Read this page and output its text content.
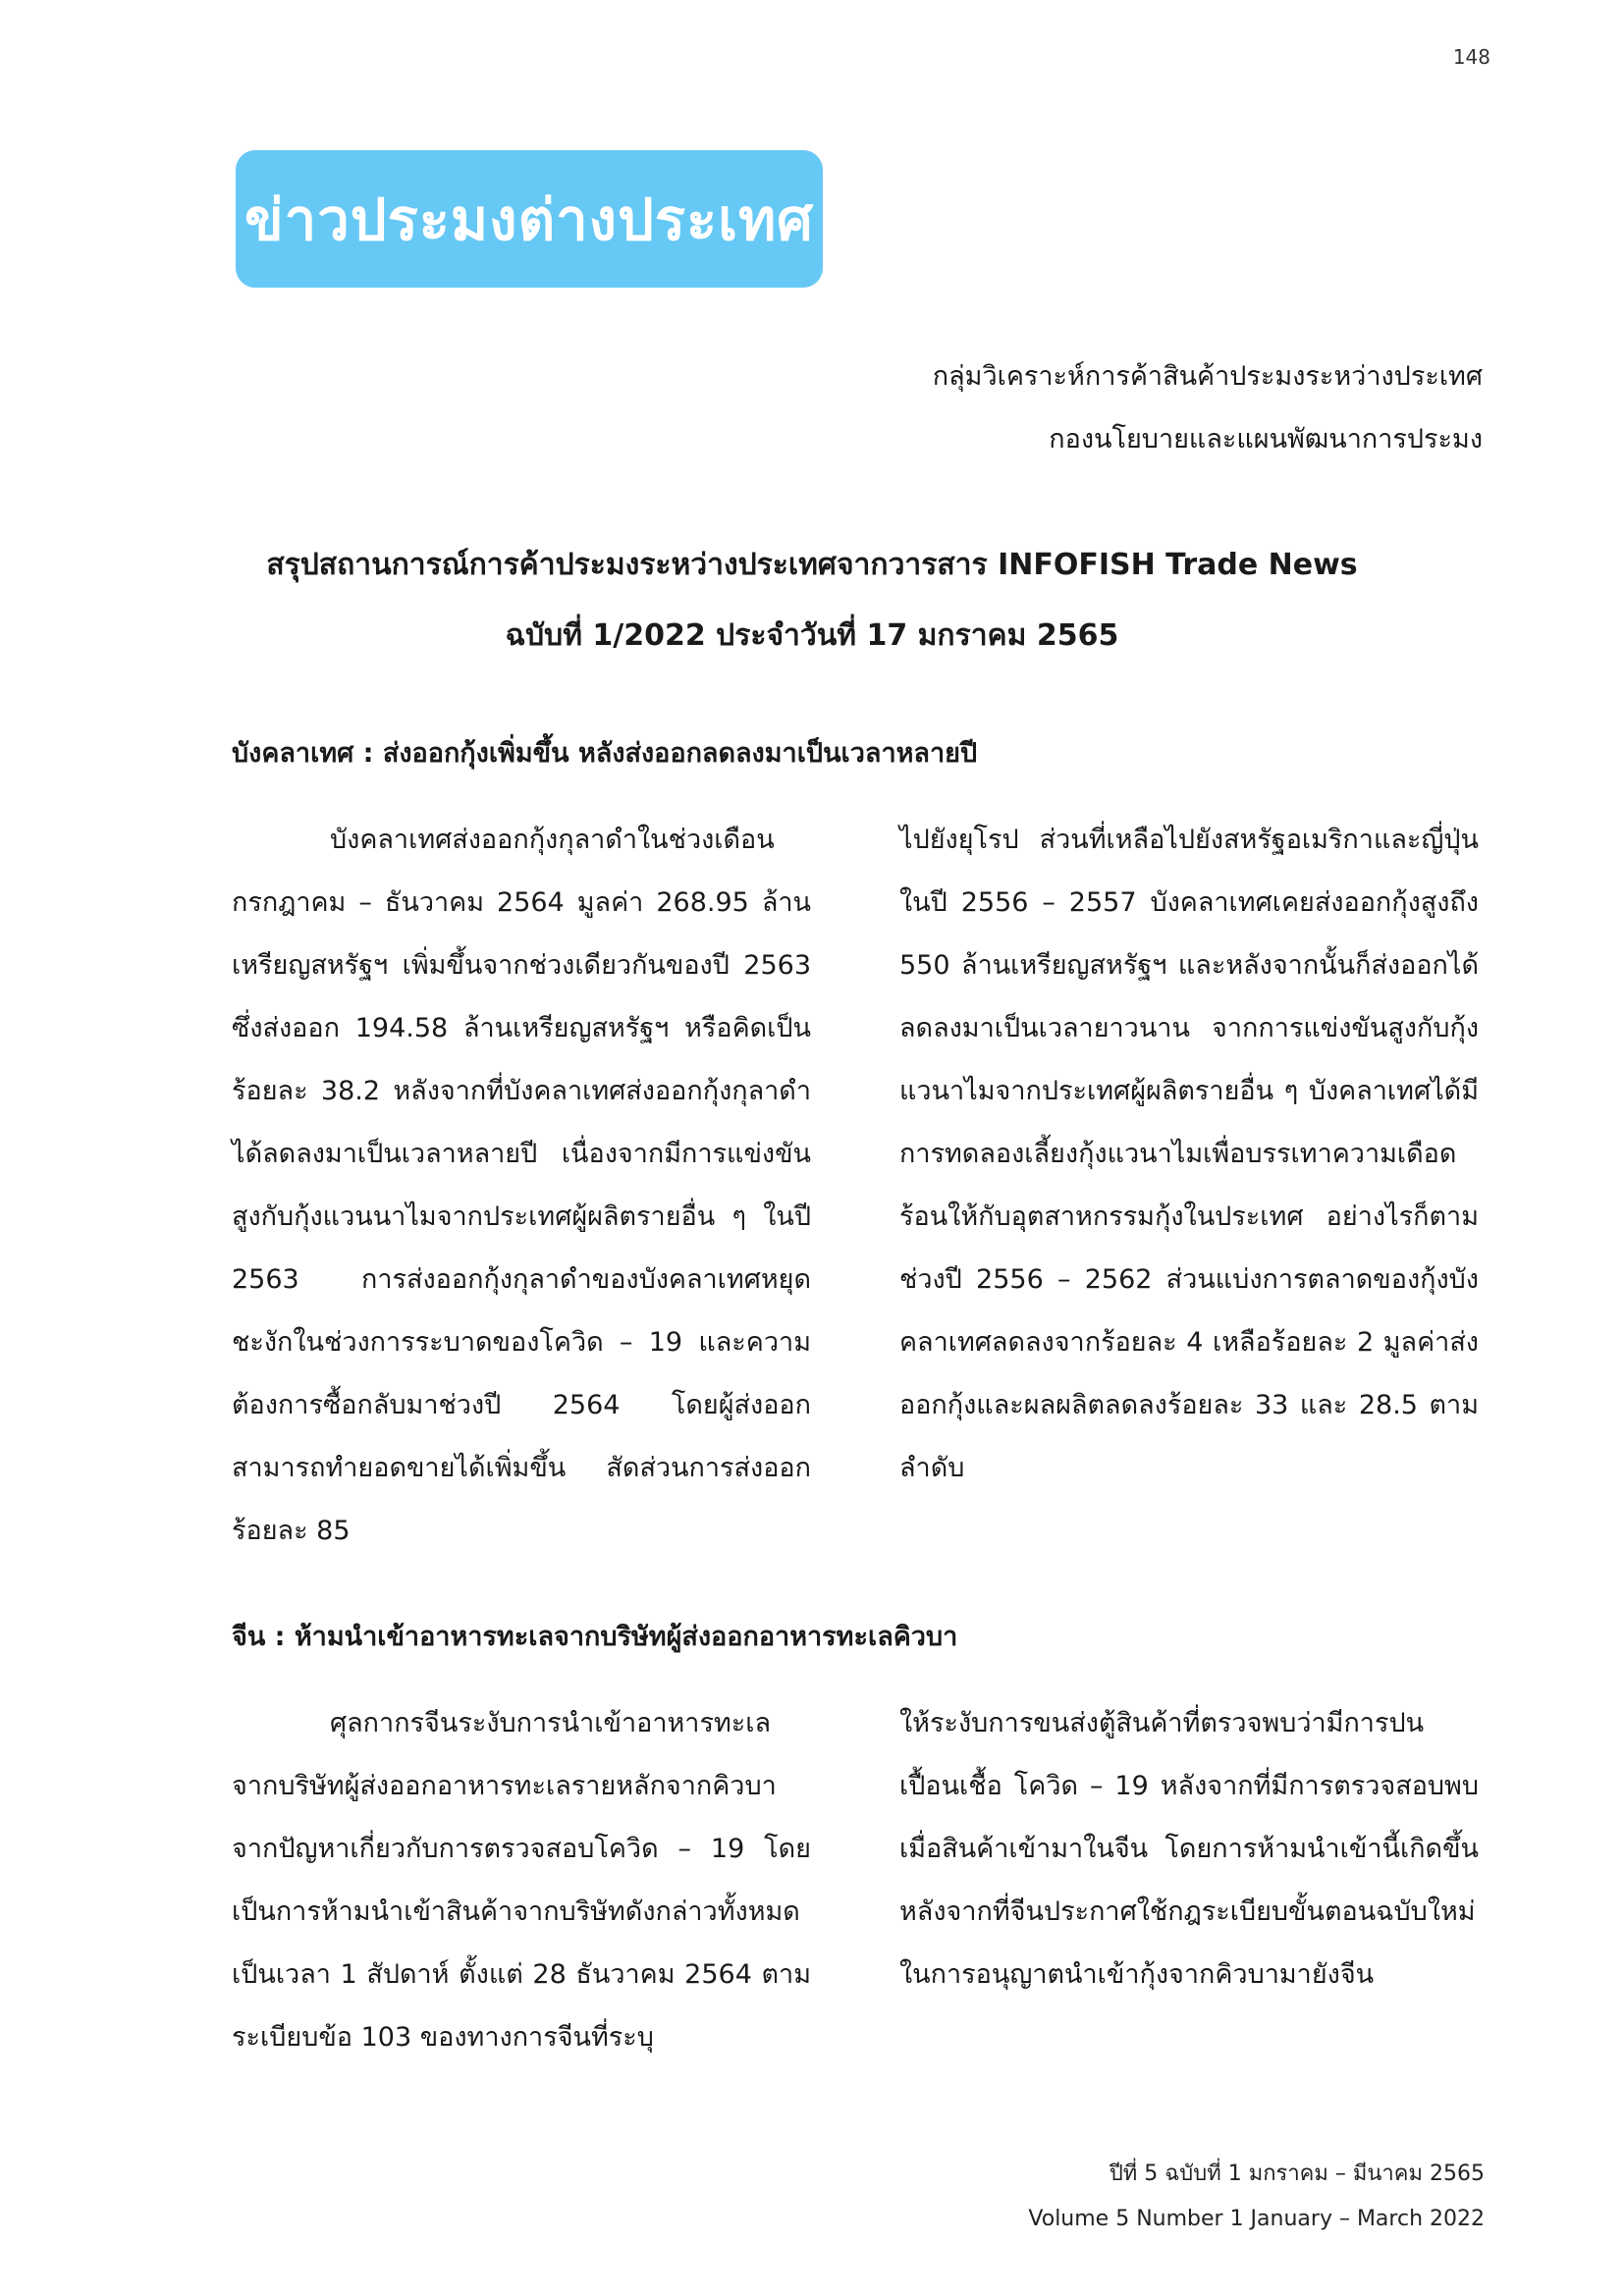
148
ข่าวประมงต่างประเทศ
กลุ่มวิเคราะห์การค้าสินค้าประมงระหว่างประเทศ
กองนโยบายและแผนพัฒนาการประมง
สรุปสถานการณ์การค้าประมงระหว่างประเทศจากวารสาร INFOFISH Trade News
ฉบับที่ 1/2022 ประจำวันที่ 17 มกราคม 2565
บังคลาเทศ : ส่งออกกุ้งเพิ่มขึ้น หลังส่งออกลดลงมาเป็นเวลาหลายปี

บังคลาเทศส่งออกกุ้งกุลาดำในช่วงเดือน กรกฎาคม – ธันวาคม 2564 มูลค่า 268.95 ล้านเหรียญสหรัฐฯ เพิ่มขึ้นจากช่วงเดียวกันของปี 2563 ซึ่งส่งออก 194.58 ล้านเหรียญสหรัฐฯ หรือคิดเป็นร้อยละ 38.2 หลังจากที่บังคลาเทศส่งออกกุ้งกุลาดำได้ลดลงมาเป็นเวลาหลายปี เนื่องจากมีการแข่งขันสูงกับกุ้งแวนนาไมจากประเทศผู้ผลิตรายอื่น ๆ ในปี 2563 การส่งออกกุ้งกุลาดำของบังคลาเทศหยุดชะงักในช่วงการระบาดของโควิด – 19 และความต้องการซื้อกลับมาช่วงปี 2564 โดยผู้ส่งออกสามารถทำยอดขายได้เพิ่มขึ้น สัดส่วนการส่งออกร้อยละ 85

ไปยังยุโรป ส่วนที่เหลือไปยังสหรัฐอเมริกาและญี่ปุ่น ในปี 2556 – 2557 บังคลาเทศเคยส่งออกกุ้งสูงถึง 550 ล้านเหรียญสหรัฐฯ และหลังจากนั้นก็ส่งออกได้ลดลงมาเป็นเวลายาวนาน จากการแข่งขันสูงกับกุ้งแวนาไมจากประเทศผู้ผลิตรายอื่น ๆ บังคลาเทศได้มีการทดลองเลี้ยงกุ้งแวนาไมเพื่อบรรเทาความเดือดร้อนให้กับอุตสาหกรรมกุ้งในประเทศ อย่างไรก็ตามช่วงปี 2556 – 2562 ส่วนแบ่งการตลาดของกุ้งบังคลาเทศลดลงจากร้อยละ 4 เหลือร้อยละ 2 มูลค่าส่งออกกุ้งและผลผลิตลดลงร้อยละ 33 และ 28.5 ตามลำดับ

จีน : ห้ามนำเข้าอาหารทะเลจากบริษัทผู้ส่งออกอาหารทะเลคิวบา

ศุลกากรจีนระงับการนำเข้าอาหารทะเลจากบริษัทผู้ส่งออกอาหารทะเลรายหลักจากคิวบาจากปัญหาเกี่ยวกับการตรวจสอบโควิด – 19 โดยเป็นการห้ามนำเข้าสินค้าจากบริษัทดังกล่าวทั้งหมดเป็นเวลา 1 สัปดาห์ ตั้งแต่ 28 ธันวาคม 2564 ตามระเบียบข้อ 103 ของทางการจีนที่ระบุ

ให้ระงับการขนส่งตู้สินค้าที่ตรวจพบว่ามีการปนเปื้อนเชื้อ โควิด – 19 หลังจากที่มีการตรวจสอบพบเมื่อสินค้าเข้ามาในจีน โดยการห้ามนำเข้านี้เกิดขึ้นหลังจากที่จีนประกาศใช้กฎระเบียบขั้นตอนฉบับใหม่ในการอนุญาตนำเข้ากุ้งจากคิวบามายังจีน

ปีที่ 5 ฉบับที่ 1 มกราคม – มีนาคม 2565
Volume 5 Number 1 January – March 2022
